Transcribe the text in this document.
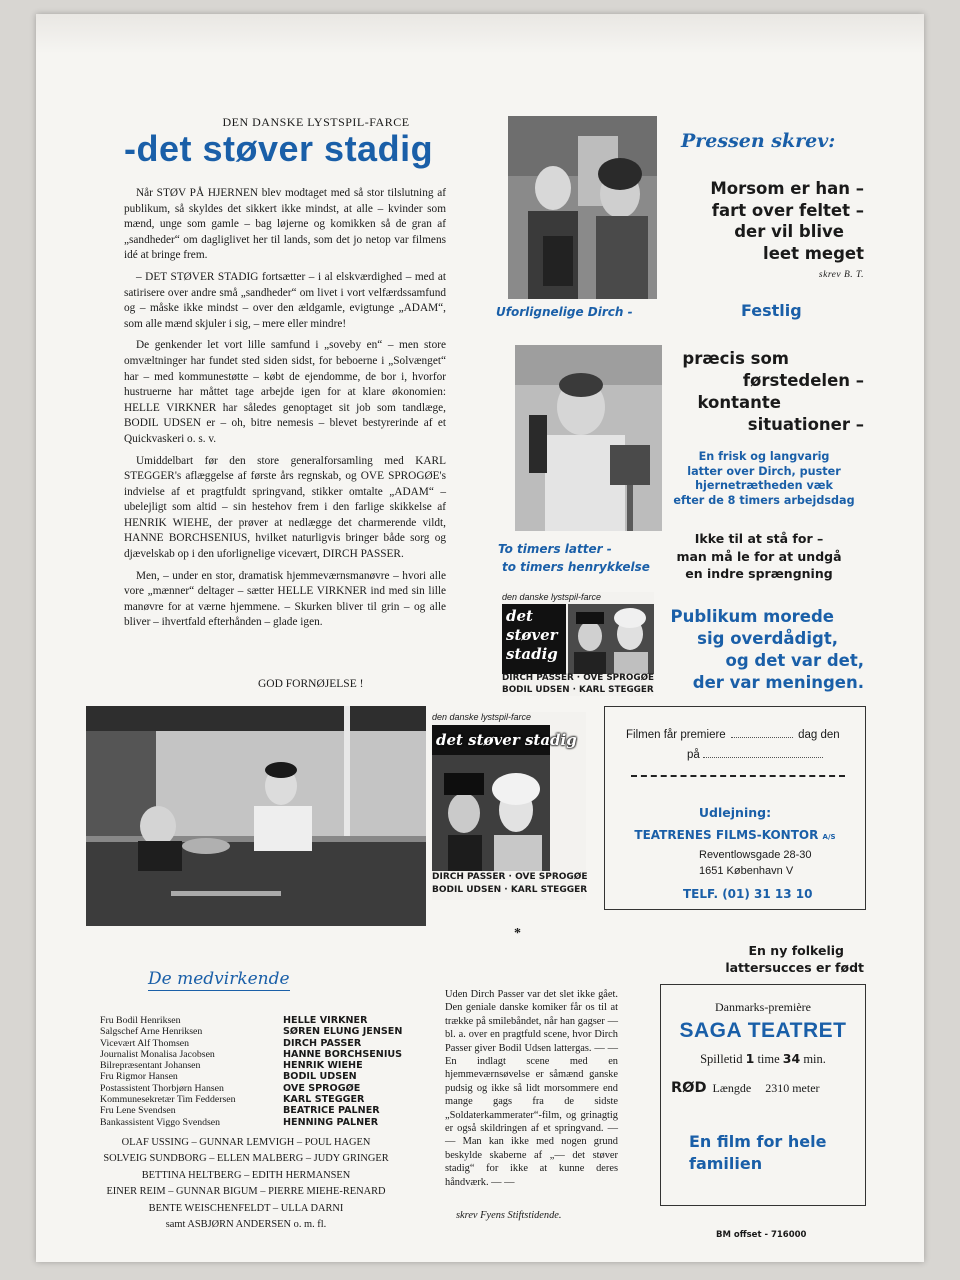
DEN DANSKE LYSTSPIL-FARCE
-det støver stadig

Når STØV PÅ HJERNEN blev modtaget med så stor tilslutning af publikum, så skyldes det sikkert ikke mindst, at alle – kvinder som mænd, unge som gamle – bag løjerne og komikken så de gran af „sandheder“ om dagliglivet her til lands, som det jo netop var filmens idé at bringe frem.

– DET STØVER STADIG fortsætter – i al elskværdighed – med at satirisere over andre små „sandheder“ om livet i vort velfærdssamfund og – måske ikke mindst – over den ældgamle, evigtunge „ADAM“, som alle mænd skjuler i sig, – mere eller mindre!

De genkender let vort lille samfund i „soveby en“ – men store omvæltninger har fundet sted siden sidst, for beboerne i „Solvænget“ har – med kommunestøtte – købt de ejendomme, de bor i, hvorfor hustruerne har måttet tage arbejde igen for at klare økonomien: HELLE VIRKNER har således genoptaget sit job som tandlæge, BODIL UDSEN er – oh, bitre nemesis – blevet bestyrerinde af et Quickvaskeri o. s. v.

Umiddelbart før den store generalforsamling med KARL STEGGER's aflæggelse af første års regnskab, og OVE SPROGØE's indvielse af et pragtfuldt springvand, stikker omtalte „ADAM“ – ubelejligt som altid – sin hestehov frem i den farlige skikkelse af HENRIK WIEHE, der prøver at nedlægge det charmerende vildt, HANNE BORCHSENIUS, hvilket naturligvis bringer både sorg og djævelskab op i den uforlignelige vicevært, DIRCH PASSER.

Men, – under en stor, dramatisk hjemmeværnsmanøvre – hvori alle vore „mænner“ deltager – sætter HELLE VIRKNER ind med sin lille manøvre for at værne hjemmene. – Skurken bliver til grin – og alle bliver – ihvertfald efterhånden – glade igen.

GOD FORNØJELSE !
Uforlignelige Dirch -
To timers latter -
to timers henrykkelse
den danske lystspil-farce
det
støver
stadig
DIRCH PASSER · OVE SPROGØE
BODIL UDSEN · KARL STEGGER
Pressen skrev:
Morsom er han –
fart over feltet –
der vil blive
leet meget
skrev B. T.
Festlig
præcis som
førstedelen –
kontante
situationer –
En frisk og langvarig
latter over Dirch, puster
hjernetrætheden væk
efter de 8 timers arbejdsdag
Ikke til at stå for –
man må le for at undgå
en indre sprængning
Publikum morede
sig overdådigt,
og det var det,
der var meningen.
den danske lystspil-farce
det støver stadig
DIRCH PASSER · OVE SPROGØE
BODIL UDSEN · KARL STEGGER
*
Filmen får premiere	dag den
på
Udlejning:
TEATRENES FILMS-KONTOR A/S
Reventlowsgade 28-30
1651 København V
TELF. (01) 31 13 10
En ny folkelig
lattersucces er født
De medvirkende
Fru Bodil Henriksen	HELLE VIRKNER
Salgschef Arne Henriksen	SØREN ELUNG JENSEN
Vicevært Alf Thomsen	DIRCH PASSER
Journalist Monalisa Jacobsen	HANNE BORCHSENIUS
Bilrepræsentant Johansen	HENRIK WIEHE
Fru Rigmor Hansen	BODIL UDSEN
Postassistent Thorbjørn Hansen	OVE SPROGØE
Kommunesekretær Tim Feddersen	KARL STEGGER
Fru Lene Svendsen	BEATRICE PALNER
Bankassistent Viggo Svendsen	HENNING PALNER
OLAF USSING – GUNNAR LEMVIGH – POUL HAGEN
SOLVEIG SUNDBORG – ELLEN MALBERG – JUDY GRINGER
BETTINA HELTBERG – EDITH HERMANSEN
EINER REIM – GUNNAR BIGUM – PIERRE MIEHE-RENARD
BENTE WEISCHENFELDT – ULLA DARNI
samt ASBJØRN ANDERSEN o. m. fl.
Uden Dirch Passer var det slet ikke gået. Den geniale danske komiker får os til at trække på smilebåndet, når han gagser — bl. a. over en pragtfuld scene, hvor Dirch Passer giver Bodil Udsen lattergas. — — En indlagt scene med en hjemmeværnsøvelse er såmænd ganske pudsig og ikke så lidt morsommere end mange gags fra de sidste „Soldaterkammerater“-film, og grinagtig er også skildringen af et springvand. — — Man kan ikke med nogen grund beskylde skaberne af „— det støver stadig“ for ikke at kunne deres håndværk. — —
skrev Fyens Stiftstidende.
Danmarks-première
SAGA TEATRET
Spilletid 1 time 34 min.
RØD Længde 2310 meter
En film for hele
familien
BM offset - 716000
